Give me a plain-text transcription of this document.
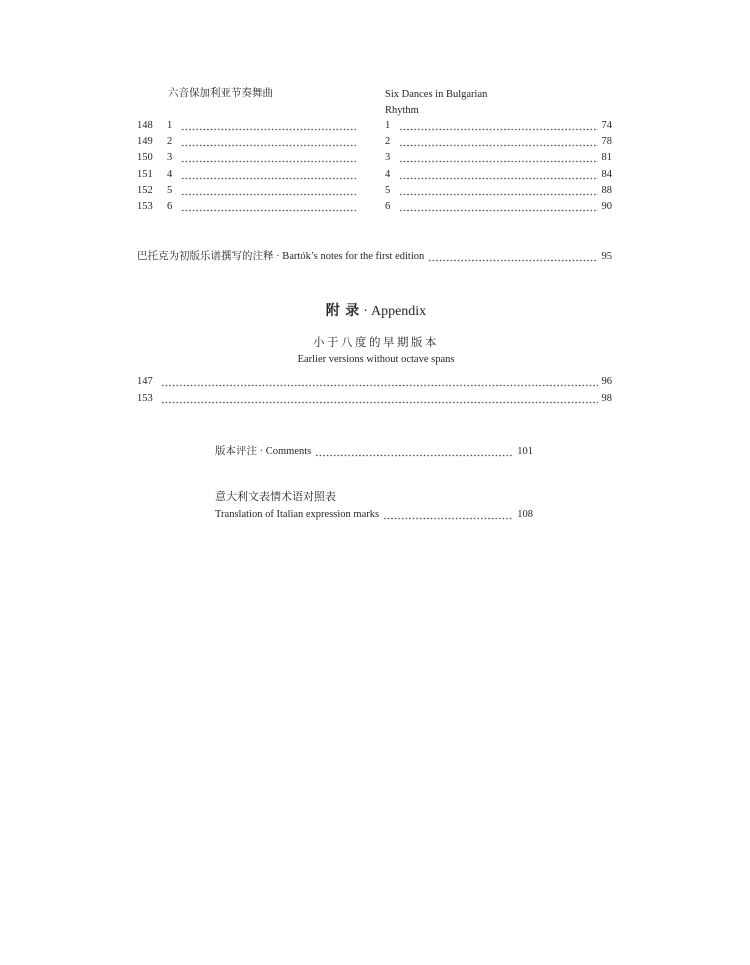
六音保加利亚节奏舞曲	Six Dances in Bulgarian
Rhythm
148	1	1	74
149	2	2	78
150	3	3	81
151	4	4	84
152	5	5	88
153	6	6	90
巴托克为初版乐谱撰写的注释 · Bartók’s notes for the first edition	95
附 录 · Appendix
小于八度的早期版本
Earlier versions without octave spans
147	96
153	98
版本评注 · Comments	101
意大利文表情术语对照表
Translation of Italian expression marks	108
